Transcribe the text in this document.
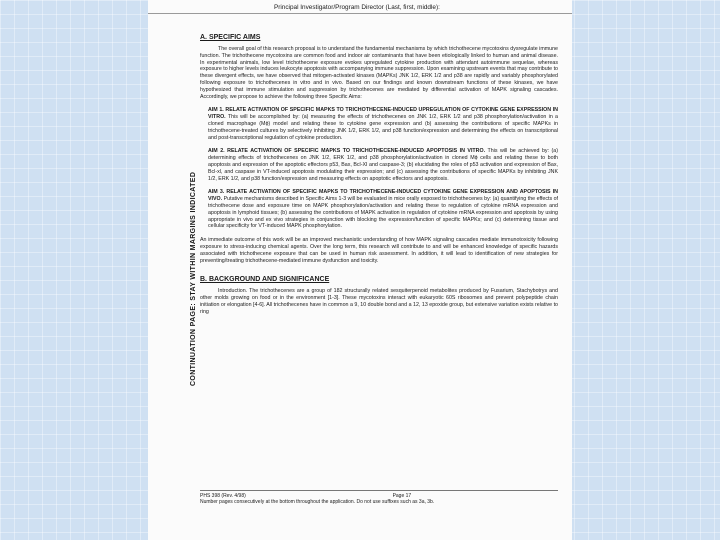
Principal Investigator/Program Director (Last, first, middle):
CONTINUATION PAGE: STAY WITHIN MARGINS INDICATED
A. SPECIFIC AIMS

The overall goal of this research proposal is to understand the fundamental mechanisms by which trichothecene mycotoxins dysregulate immune function. The trichothecene mycotoxins are common food and indoor air contaminants that have been etiologically linked to human and animal disease. In experimental animals, low level trichothecene exposure evokes upregulated cytokine production with attendant autoimmune sequelae, whereas exposure to higher levels induces leukocyte apoptosis with accompanying immune suppression. Upon examining upstream events that may contribute to these divergent effects, we have observed that mitogen-activated kinases (MAPKs) JNK 1/2, ERK 1/2 and p38 are rapidly and variably phosphorylated following exposure to trichothecenes in vitro and in vivo. Based on our findings and known downstream functions of these kinases, we have hypothesized that immune stimulation and suppression by trichothecenes are mediated by differential activation of MAPK signaling cascades. Accordingly, we propose to achieve the following three Specific Aims:

AIM 1. RELATE ACTIVATION OF SPECIFIC MAPKS TO TRICHOTHECENE-INDUCED UPREGULATION OF CYTOKINE GENE EXPRESSION IN VITRO. This will be accomplished by: (a) measuring the effects of trichothecenes on JNK 1/2, ERK 1/2 and p38 phosphorylation/activation in a cloned macrophage (Mϕ) model and relating these to cytokine gene expression and (b) assessing the contributions of specific MAPKs in trichothecene-treated cultures by selectively inhibiting JNK 1/2, ERK 1/2, and p38 function/expression and determining the effects on transcriptional and post-transcriptional regulation of cytokine production.

AIM 2. RELATE ACTIVATION OF SPECIFIC MAPKS TO TRICHOTHECENE-INDUCED APOPTOSIS IN VITRO. This will be achieved by: (a) determining effects of trichothecenes on JNK 1/2, ERK 1/2, and p38 phosphorylation/activation in cloned Mϕ cells and relating these to both apoptosis and expression of the apoptotic effectors p53, Bax, Bcl-XI and caspase-3; (b) elucidating the roles of p53 activation and expression of Bax, Bcl-xl, and caspase in VT-induced apoptosis modulating their expression; and (c) assessing the contributions of specific MAPKs by inhibiting JNK 1/2, ERK 1/2, and p38 function/expression and measuring effects on apoptotic effectors and apoptosis.

AIM 3. RELATE ACTIVATION OF SPECIFIC MAPKS TO TRICHOTHECENE-INDUCED CYTOKINE GENE EXPRESSION AND APOPTOSIS IN VIVO. Putative mechanisms described in Specific Aims 1-3 will be evaluated in mice orally exposed to trichothecenes by: (a) quantifying the effects of trichothecene dose and exposure time on MAPK phosphorylation/activation and relating these to regulation of cytokine mRNA expression and apoptosis in lymphoid tissues; (b) assessing the contributions of MAPK activation in regulation of cytokine mRNA expression and apoptosis by using appropriate in vivo and ex vivo strategies in conjunction with blocking the expression/function of specific MAPKs; and (c) determining tissue and cellular specificity for VT-induced MAPK phosphorylation.

An immediate outcome of this work will be an improved mechanistic understanding of how MAPK signaling cascades mediate immunotoxicity following exposure to stress-inducing chemical agents. Over the long term, this research will contribute to and will be enhanced knowledge of specific hazards associated with trichothecene exposure that can be used in human risk assessment. In addition, it will lead to identification of new strategies for preventing/treating trichothecene-mediated immune dysfunction and toxicity.

B. BACKGROUND AND SIGNIFICANCE

Introduction. The trichothecenes are a group of 182 structurally related sesquiterpenoid metabolites produced by Fusarium, Stachybotrys and other molds growing on food or in the environment [1-3]. These mycotoxins interact with eukaryotic 60S ribosomes and prevent polypeptide chain initiation or elongation [4-6]. All trichothecenes have in common a 9, 10 double bond and a 12, 13 epoxide group, but extensive variation exists relative to ring

PHS 398 (Rev. 4/98)	Page 17
Number pages consecutively at the bottom throughout the application. Do not use suffixes such as 3a, 3b.
